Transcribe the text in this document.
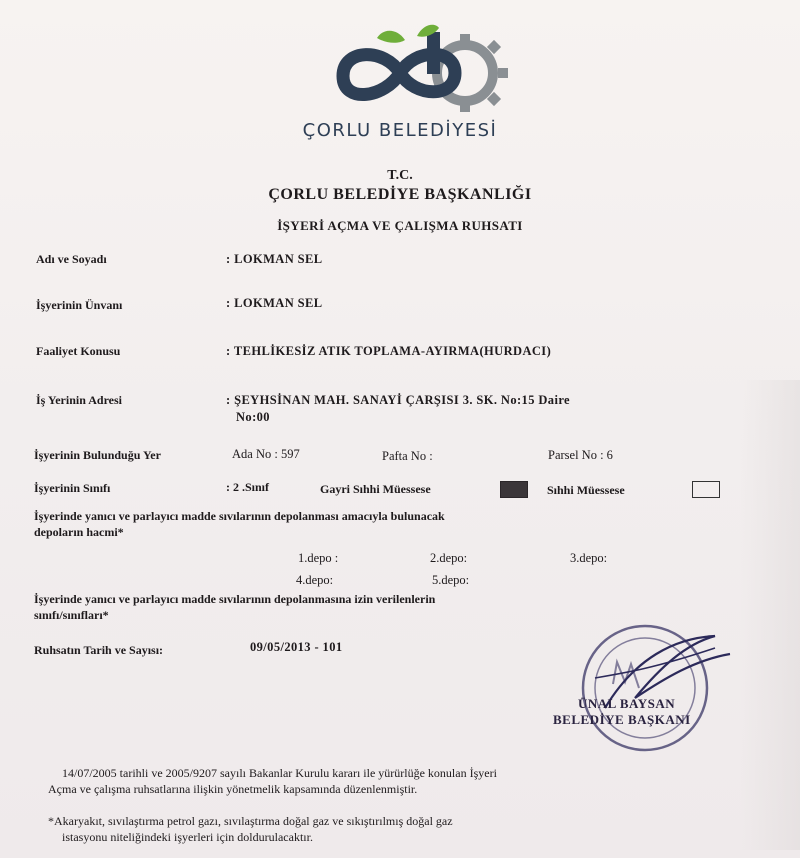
ÇORLU BELEDİYESİ
T.C.
ÇORLU BELEDİYE BAŞKANLIĞI
İŞYERİ AÇMA VE ÇALIŞMA RUHSATI
Adı ve Soyadı	: LOKMAN SEL
İşyerinin Ünvanı	: LOKMAN SEL
Faaliyet Konusu	: TEHLİKESİZ ATIK TOPLAMA-AYIRMA(HURDACI)
İş Yerinin Adresi	: ŞEYHSİNAN MAH. SANAYİ ÇARŞISI 3. SK. No:15 Daire
No:00
İşyerinin Bulunduğu Yer	Ada No : 597	Pafta No :	Parsel No : 6
İşyerinin Sınıfı	: 2 .Sınıf	Gayri Sıhhi Müessese	Sıhhi Müessese
İşyerinde yanıcı ve parlayıcı madde sıvılarının depolanması amacıyla bulunacak
depoların hacmi*
1.depo :	2.depo:	3.depo:
4.depo:	5.depo:
İşyerinde yanıcı ve parlayıcı madde sıvılarının depolanmasına izin verilenlerin
sınıfı/sınıfları*
Ruhsatın Tarih ve Sayısı:	09/05/2013 - 101
ÜNAL BAYSAN
BELEDİYE BAŞKANI
14/07/2005 tarihli ve 2005/9207 sayılı Bakanlar Kurulu kararı ile yürürlüğe konulan İşyeri
Açma ve çalışma ruhsatlarına ilişkin yönetmelik kapsamında düzenlenmiştir.
*Akaryakıt, sıvılaştırma petrol gazı, sıvılaştırma doğal gaz ve sıkıştırılmış doğal gaz
istasyonu niteliğindeki işyerleri için doldurulacaktır.
